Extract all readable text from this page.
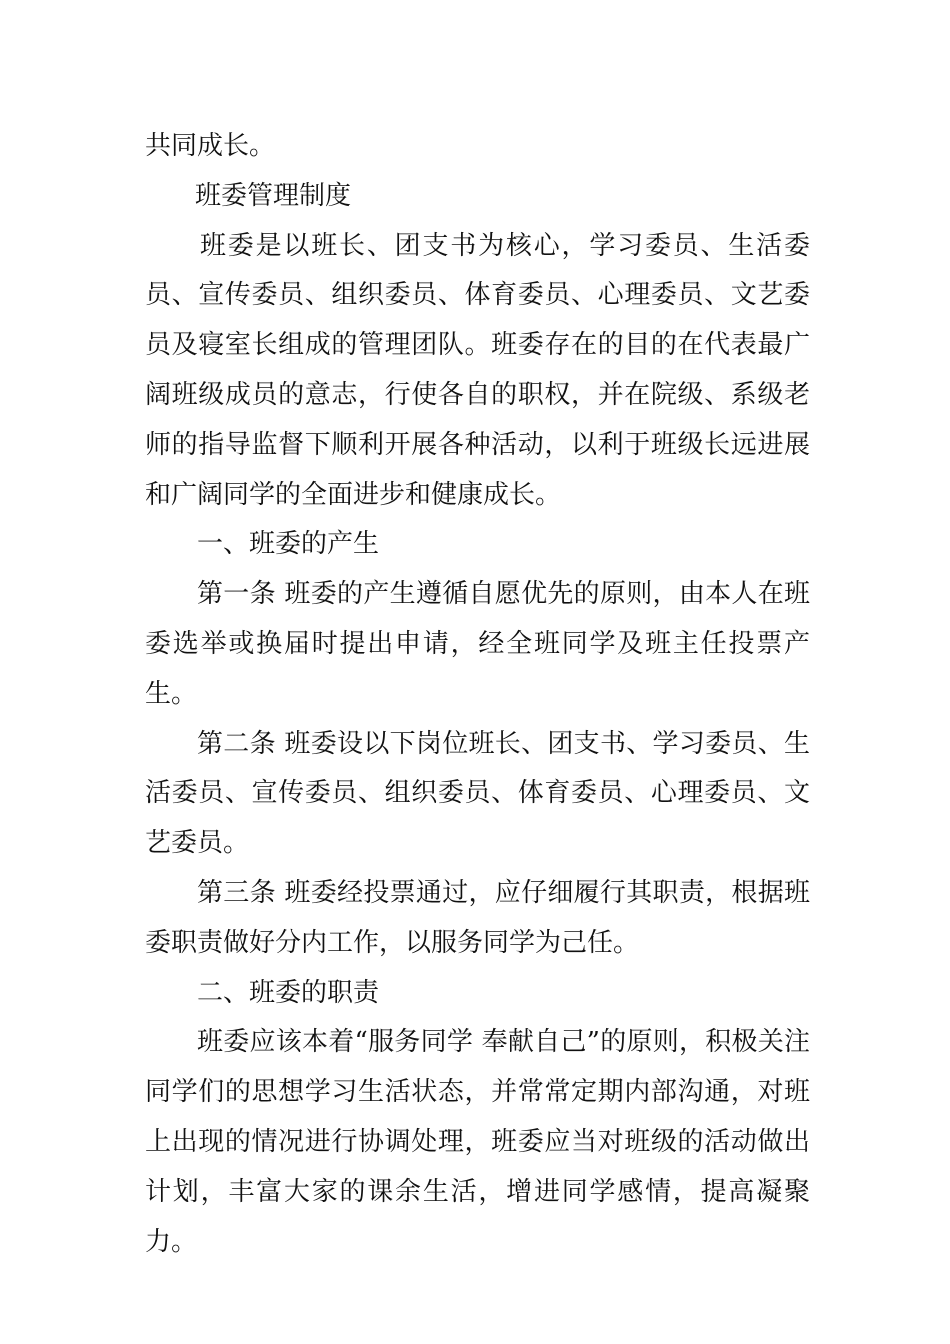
共同成长。

班委管理制度

班委是以班长、团支书为核心，学习委员、生活委员、宣传委员、组织委员、体育委员、心理委员、文艺委员及寝室长组成的管理团队。班委存在的目的在代表最广阔班级成员的意志，行使各自的职权，并在院级、系级老师的指导监督下顺利开展各种活动，以利于班级长远进展和广阔同学的全面进步和健康成长。

一、班委的产生

第一条 班委的产生遵循自愿优先的原则，由本人在班委选举或换届时提出申请，经全班同学及班主任投票产生。

第二条 班委设以下岗位班长、团支书、学习委员、生活委员、宣传委员、组织委员、体育委员、心理委员、文艺委员。

第三条 班委经投票通过，应仔细履行其职责，根据班委职责做好分内工作，以服务同学为己任。

二、班委的职责

班委应该本着“服务同学 奉献自己”的原则，积极关注同学们的思想学习生活状态，并常常定期内部沟通，对班上出现的情况进行协调处理，班委应当对班级的活动做出计划，丰富大家的课余生活，增进同学感情，提高凝聚力。
